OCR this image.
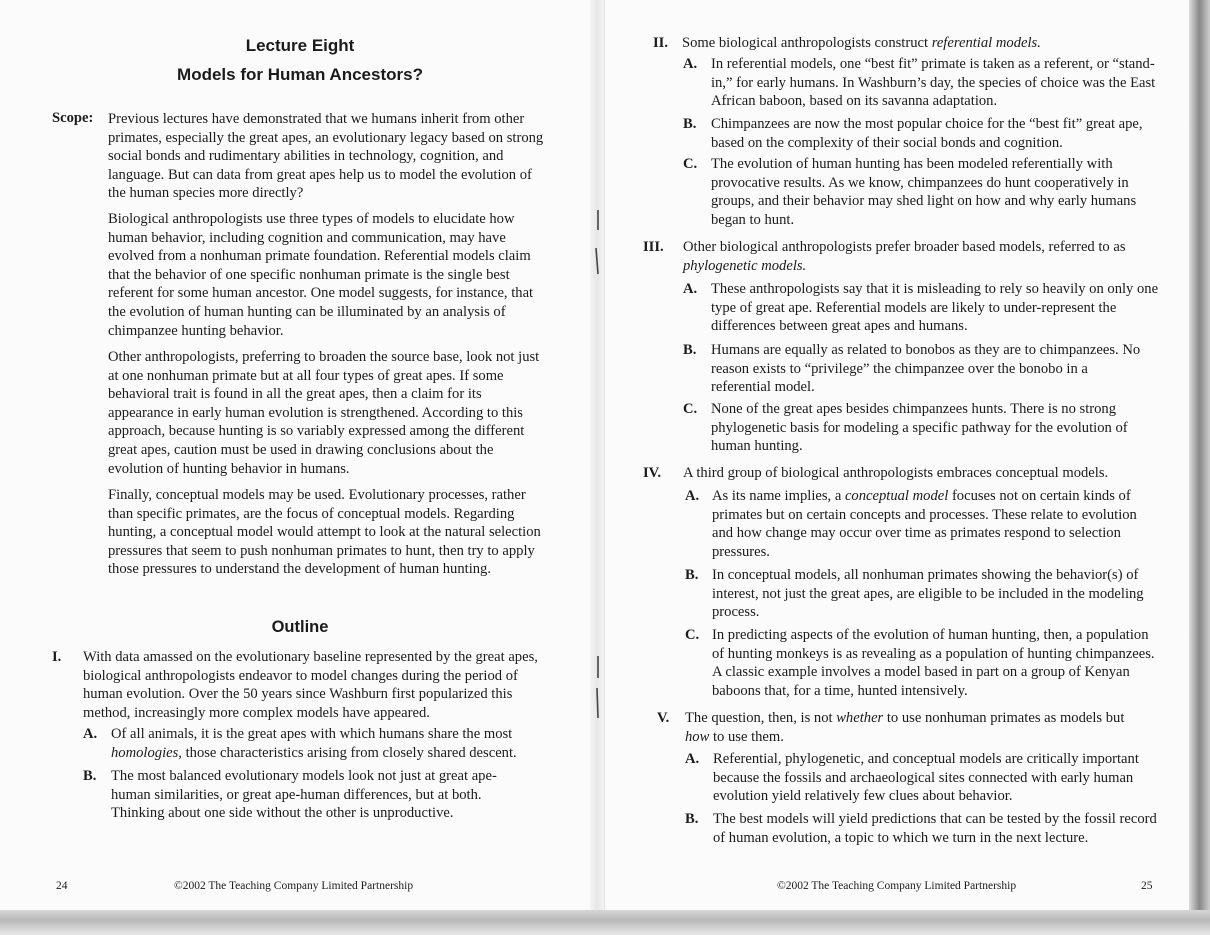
Lecture Eight
Models for Human Ancestors?
Scope: Previous lectures have demonstrated that we humans inherit from other primates, especially the great apes, an evolutionary legacy based on strong social bonds and rudimentary abilities in technology, cognition, and language. But can data from great apes help us to model the evolution of the human species more directly?
Biological anthropologists use three types of models to elucidate how human behavior, including cognition and communication, may have evolved from a nonhuman primate foundation. Referential models claim that the behavior of one specific nonhuman primate is the single best referent for some human ancestor. One model suggests, for instance, that the evolution of human hunting can be illuminated by an analysis of chimpanzee hunting behavior.
Other anthropologists, preferring to broaden the source base, look not just at one nonhuman primate but at all four types of great apes. If some behavioral trait is found in all the great apes, then a claim for its appearance in early human evolution is strengthened. According to this approach, because hunting is so variably expressed among the different great apes, caution must be used in drawing conclusions about the evolution of hunting behavior in humans.
Finally, conceptual models may be used. Evolutionary processes, rather than specific primates, are the focus of conceptual models. Regarding hunting, a conceptual model would attempt to look at the natural selection pressures that seem to push nonhuman primates to hunt, then try to apply those pressures to understand the development of human hunting.
Outline
I. With data amassed on the evolutionary baseline represented by the great apes, biological anthropologists endeavor to model changes during the period of human evolution. Over the 50 years since Washburn first popularized this method, increasingly more complex models have appeared.
A. Of all animals, it is the great apes with which humans share the most homologies, those characteristics arising from closely shared descent.
B. The most balanced evolutionary models look not just at great ape-human similarities, or great ape-human differences, but at both. Thinking about one side without the other is unproductive.
24	©2002 The Teaching Company Limited Partnership
II. Some biological anthropologists construct referential models.
A. In referential models, one “best fit” primate is taken as a referent, or “stand-in,” for early humans. In Washburn’s day, the species of choice was the East African baboon, based on its savanna adaptation.
B. Chimpanzees are now the most popular choice for the “best fit” great ape, based on the complexity of their social bonds and cognition.
C. The evolution of human hunting has been modeled referentially with provocative results. As we know, chimpanzees do hunt cooperatively in groups, and their behavior may shed light on how and why early humans began to hunt.
III. Other biological anthropologists prefer broader based models, referred to as phylogenetic models.
A. These anthropologists say that it is misleading to rely so heavily on only one type of great ape. Referential models are likely to under-represent the differences between great apes and humans.
B. Humans are equally as related to bonobos as they are to chimpanzees. No reason exists to “privilege” the chimpanzee over the bonobo in a referential model.
C. None of the great apes besides chimpanzees hunts. There is no strong phylogenetic basis for modeling a specific pathway for the evolution of human hunting.
IV. A third group of biological anthropologists embraces conceptual models.
A. As its name implies, a conceptual model focuses not on certain kinds of primates but on certain concepts and processes. These relate to evolution and how change may occur over time as primates respond to selection pressures.
B. In conceptual models, all nonhuman primates showing the behavior(s) of interest, not just the great apes, are eligible to be included in the modeling process.
C. In predicting aspects of the evolution of human hunting, then, a population of hunting monkeys is as revealing as a population of hunting chimpanzees. A classic example involves a model based in part on a group of Kenyan baboons that, for a time, hunted intensively.
V. The question, then, is not whether to use nonhuman primates as models but how to use them.
A. Referential, phylogenetic, and conceptual models are critically important because the fossils and archaeological sites connected with early human evolution yield relatively few clues about behavior.
B. The best models will yield predictions that can be tested by the fossil record of human evolution, a topic to which we turn in the next lecture.
©2002 The Teaching Company Limited Partnership	25
